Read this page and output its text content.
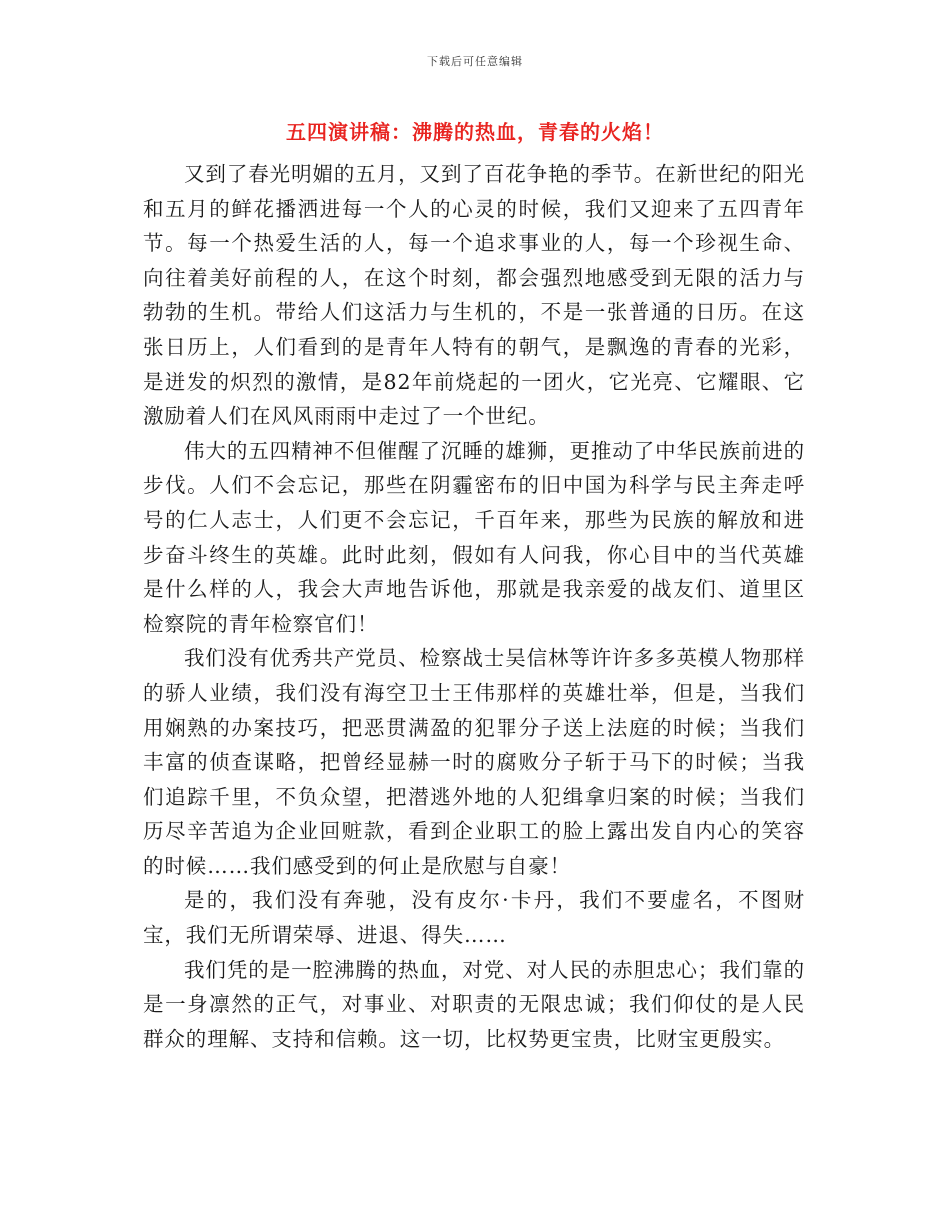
下载后可任意编辑
五四演讲稿：沸腾的热血，青春的火焰！

又到了春光明媚的五月，又到了百花争艳的季节。在新世纪的阳光和五月的鲜花播洒进每一个人的心灵的时候，我们又迎来了五四青年节。每一个热爱生活的人，每一个追求事业的人，每一个珍视生命、向往着美好前程的人，在这个时刻，都会强烈地感受到无限的活力与勃勃的生机。带给人们这活力与生机的，不是一张普通的日历。在这张日历上，人们看到的是青年人特有的朝气，是飘逸的青春的光彩，是迸发的炽烈的激情，是82年前烧起的一团火，它光亮、它耀眼、它激励着人们在风风雨雨中走过了一个世纪。

伟大的五四精神不但催醒了沉睡的雄狮，更推动了中华民族前进的步伐。人们不会忘记，那些在阴霾密布的旧中国为科学与民主奔走呼号的仁人志士，人们更不会忘记，千百年来，那些为民族的解放和进步奋斗终生的英雄。此时此刻，假如有人问我，你心目中的当代英雄是什么样的人，我会大声地告诉他，那就是我亲爱的战友们、道里区检察院的青年检察官们！

我们没有优秀共产党员、检察战士吴信林等许许多多英模人物那样的骄人业绩，我们没有海空卫士王伟那样的英雄壮举，但是，当我们用娴熟的办案技巧，把恶贯满盈的犯罪分子送上法庭的时候；当我们丰富的侦查谋略，把曾经显赫一时的腐败分子斩于马下的时候；当我们追踪千里，不负众望，把潜逃外地的人犯缉拿归案的时候；当我们历尽辛苦追为企业回赃款，看到企业职工的脸上露出发自内心的笑容的时候……我们感受到的何止是欣慰与自豪！

是的，我们没有奔驰，没有皮尔·卡丹，我们不要虚名，不图财宝，我们无所谓荣辱、进退、得失……

我们凭的是一腔沸腾的热血，对党、对人民的赤胆忠心；我们靠的是一身凛然的正气，对事业、对职责的无限忠诚；我们仰仗的是人民群众的理解、支持和信赖。这一切，比权势更宝贵，比财宝更殷实。
